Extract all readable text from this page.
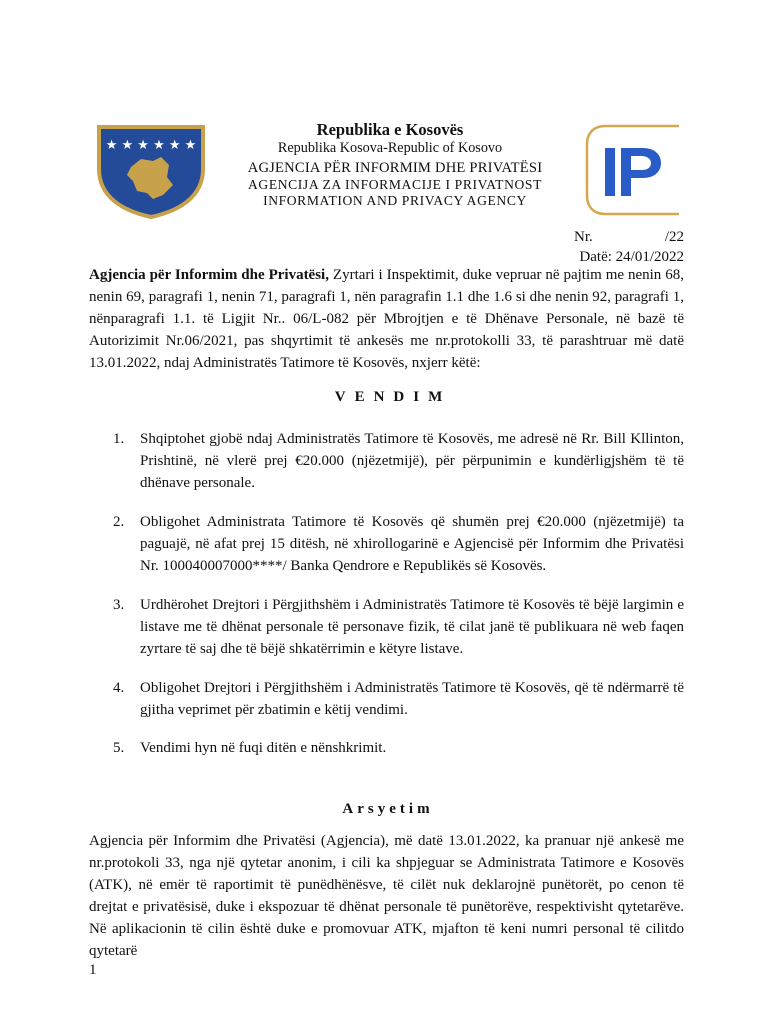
★ ★ ★ ★ ★ ★
Republika e Kosovës
Republika Kosova-Republic of Kosovo
AGJENCIA PËR INFORMIM DHE PRIVATËSI
AGENCIJA ZA INFORMACIJE I PRIVATNOST
INFORMATION AND PRIVACY AGENCY
Nr.	/22
Datë: 24/01/2022
Agjencia për Informim dhe Privatësi, Zyrtari i Inspektimit, duke vepruar në pajtim me nenin 68, nenin 69, paragrafi 1, nenin 71, paragrafi 1, nën paragrafin 1.1 dhe 1.6 si dhe nenin 92, paragrafi 1, nënparagrafi 1.1. të Ligjit Nr.. 06/L-082 për Mbrojtjen e të Dhënave Personale, në bazë të Autorizimit Nr.06/2021, pas shqyrtimit të ankesës me nr.protokolli 33, të parashtruar më datë 13.01.2022, ndaj Administratës Tatimore të Kosovës, nxjerr këtë:
VENDIM
1. Shqiptohet gjobë ndaj Administratës Tatimore të Kosovës, me adresë në Rr. Bill Kllinton, Prishtinë, në vlerë prej €20.000 (njëzetmijë), për përpunimin e kundërligjshëm të të dhënave personale.
2. Obligohet Administrata Tatimore të Kosovës që shumën prej €20.000 (njëzetmijë) ta paguajë, në afat prej 15 ditësh, në xhirollogarinë e Agjencisë për Informim dhe Privatësi Nr. 100040007000****/ Banka Qendrore e Republikës së Kosovës.
3. Urdhërohet Drejtori i Përgjithshëm i Administratës Tatimore të Kosovës të bëjë largimin e listave me të dhënat personale të personave fizik, të cilat janë të publikuara në web faqen zyrtare të saj dhe të bëjë shkatërrimin e këtyre listave.
4. Obligohet Drejtori i Përgjithshëm i Administratës Tatimore të Kosovës, që të ndërmarrë të gjitha veprimet për zbatimin e këtij vendimi.
5. Vendimi hyn në fuqi ditën e nënshkrimit.
Arsyetim
Agjencia për Informim dhe Privatësi (Agjencia), më datë 13.01.2022, ka pranuar një ankesë me nr.protokoli 33, nga një qytetar anonim, i cili ka shpjeguar se Administrata Tatimore e Kosovës (ATK), në emër të raportimit të punëdhënësve, të cilët nuk deklarojnë punëtorët, po cenon të drejtat e privatësisë, duke i ekspozuar të dhënat personale të punëtorëve, respektivisht qytetarëve. Në aplikacionin të cilin është duke e promovuar ATK, mjafton të keni numri personal të cilitdo qytetarë
1
